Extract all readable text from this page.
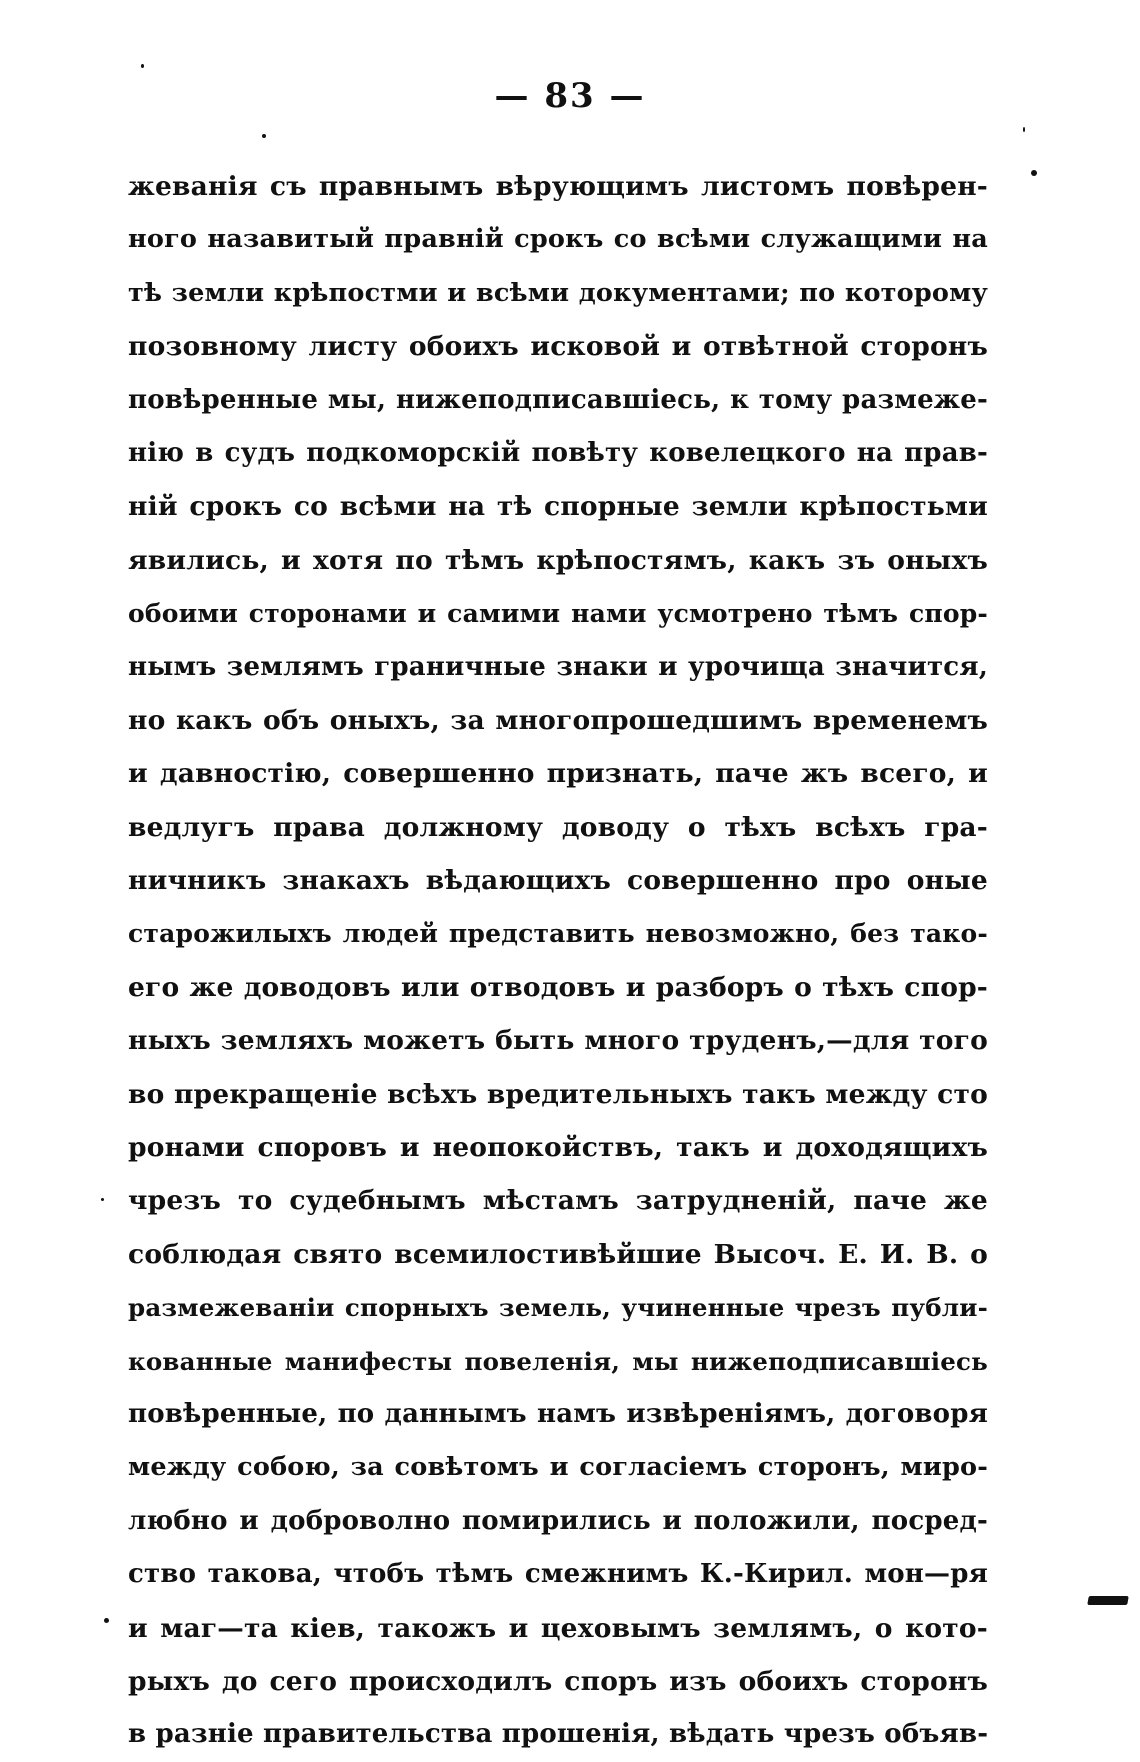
— 83 —
жеванія съ правнымъ вѣрующимъ листомъ повѣрен-
ного назавитый правній срокъ со всѣми служащими на
тѣ земли крѣпостми и всѣми документами; по которому
позовному листу обоихъ исковой и отвѣтной сторонъ
повѣренные мы, нижеподписавшіесь, к тому размеже-
нію в судъ подкоморскій повѣту ковелецкого на прав-
ній срокъ со всѣми на тѣ спорные земли крѣпостьми
явились, и хотя по тѣмъ крѣпостямъ, какъ зъ оныхъ
обоими сторонами и самими нами усмотрено тѣмъ спор-
нымъ землямъ граничные знаки и урочища значится,
но какъ объ оныхъ, за многопрошедшимъ временемъ
и давностію, совершенно признать, паче жъ всего, и
ведлугъ права должному доводу о тѣхъ всѣхъ гра-
ничникъ знакахъ вѣдающихъ совершенно про оные
старожилыхъ людей представить невозможно, без тако-
его же доводовъ или отводовъ и разборъ о тѣхъ спор-
ныхъ земляхъ можетъ быть много труденъ,—для того
во прекращеніе всѣхъ вредительныхъ такъ между сто
ронами споровъ и неопокойствъ, такъ и доходящихъ
чрезъ то судебнымъ мѣстамъ затрудненій, паче же
соблюдая свято всемилостивѣйшие Высоч. Е. И. В. о
размежеваніи спорныхъ земель, учиненные чрезъ публи-
кованные манифесты повеленія, мы нижеподписавшіесь
повѣренные, по даннымъ намъ извѣреніямъ, договоря
между собою, за совѣтомъ и согласіемъ сторонъ, миро-
любно и доброволно помирились и положили, посред-
ство такова, чтобъ тѣмъ смежнимъ К.-Кирил. мон—ря
и маг—та кіев, такожъ и цеховымъ землямъ, о кото-
рыхъ до сего происходилъ споръ изъ обоихъ сторонъ
в разніе правительства прошенія, вѣдать чрезъ объяв-
